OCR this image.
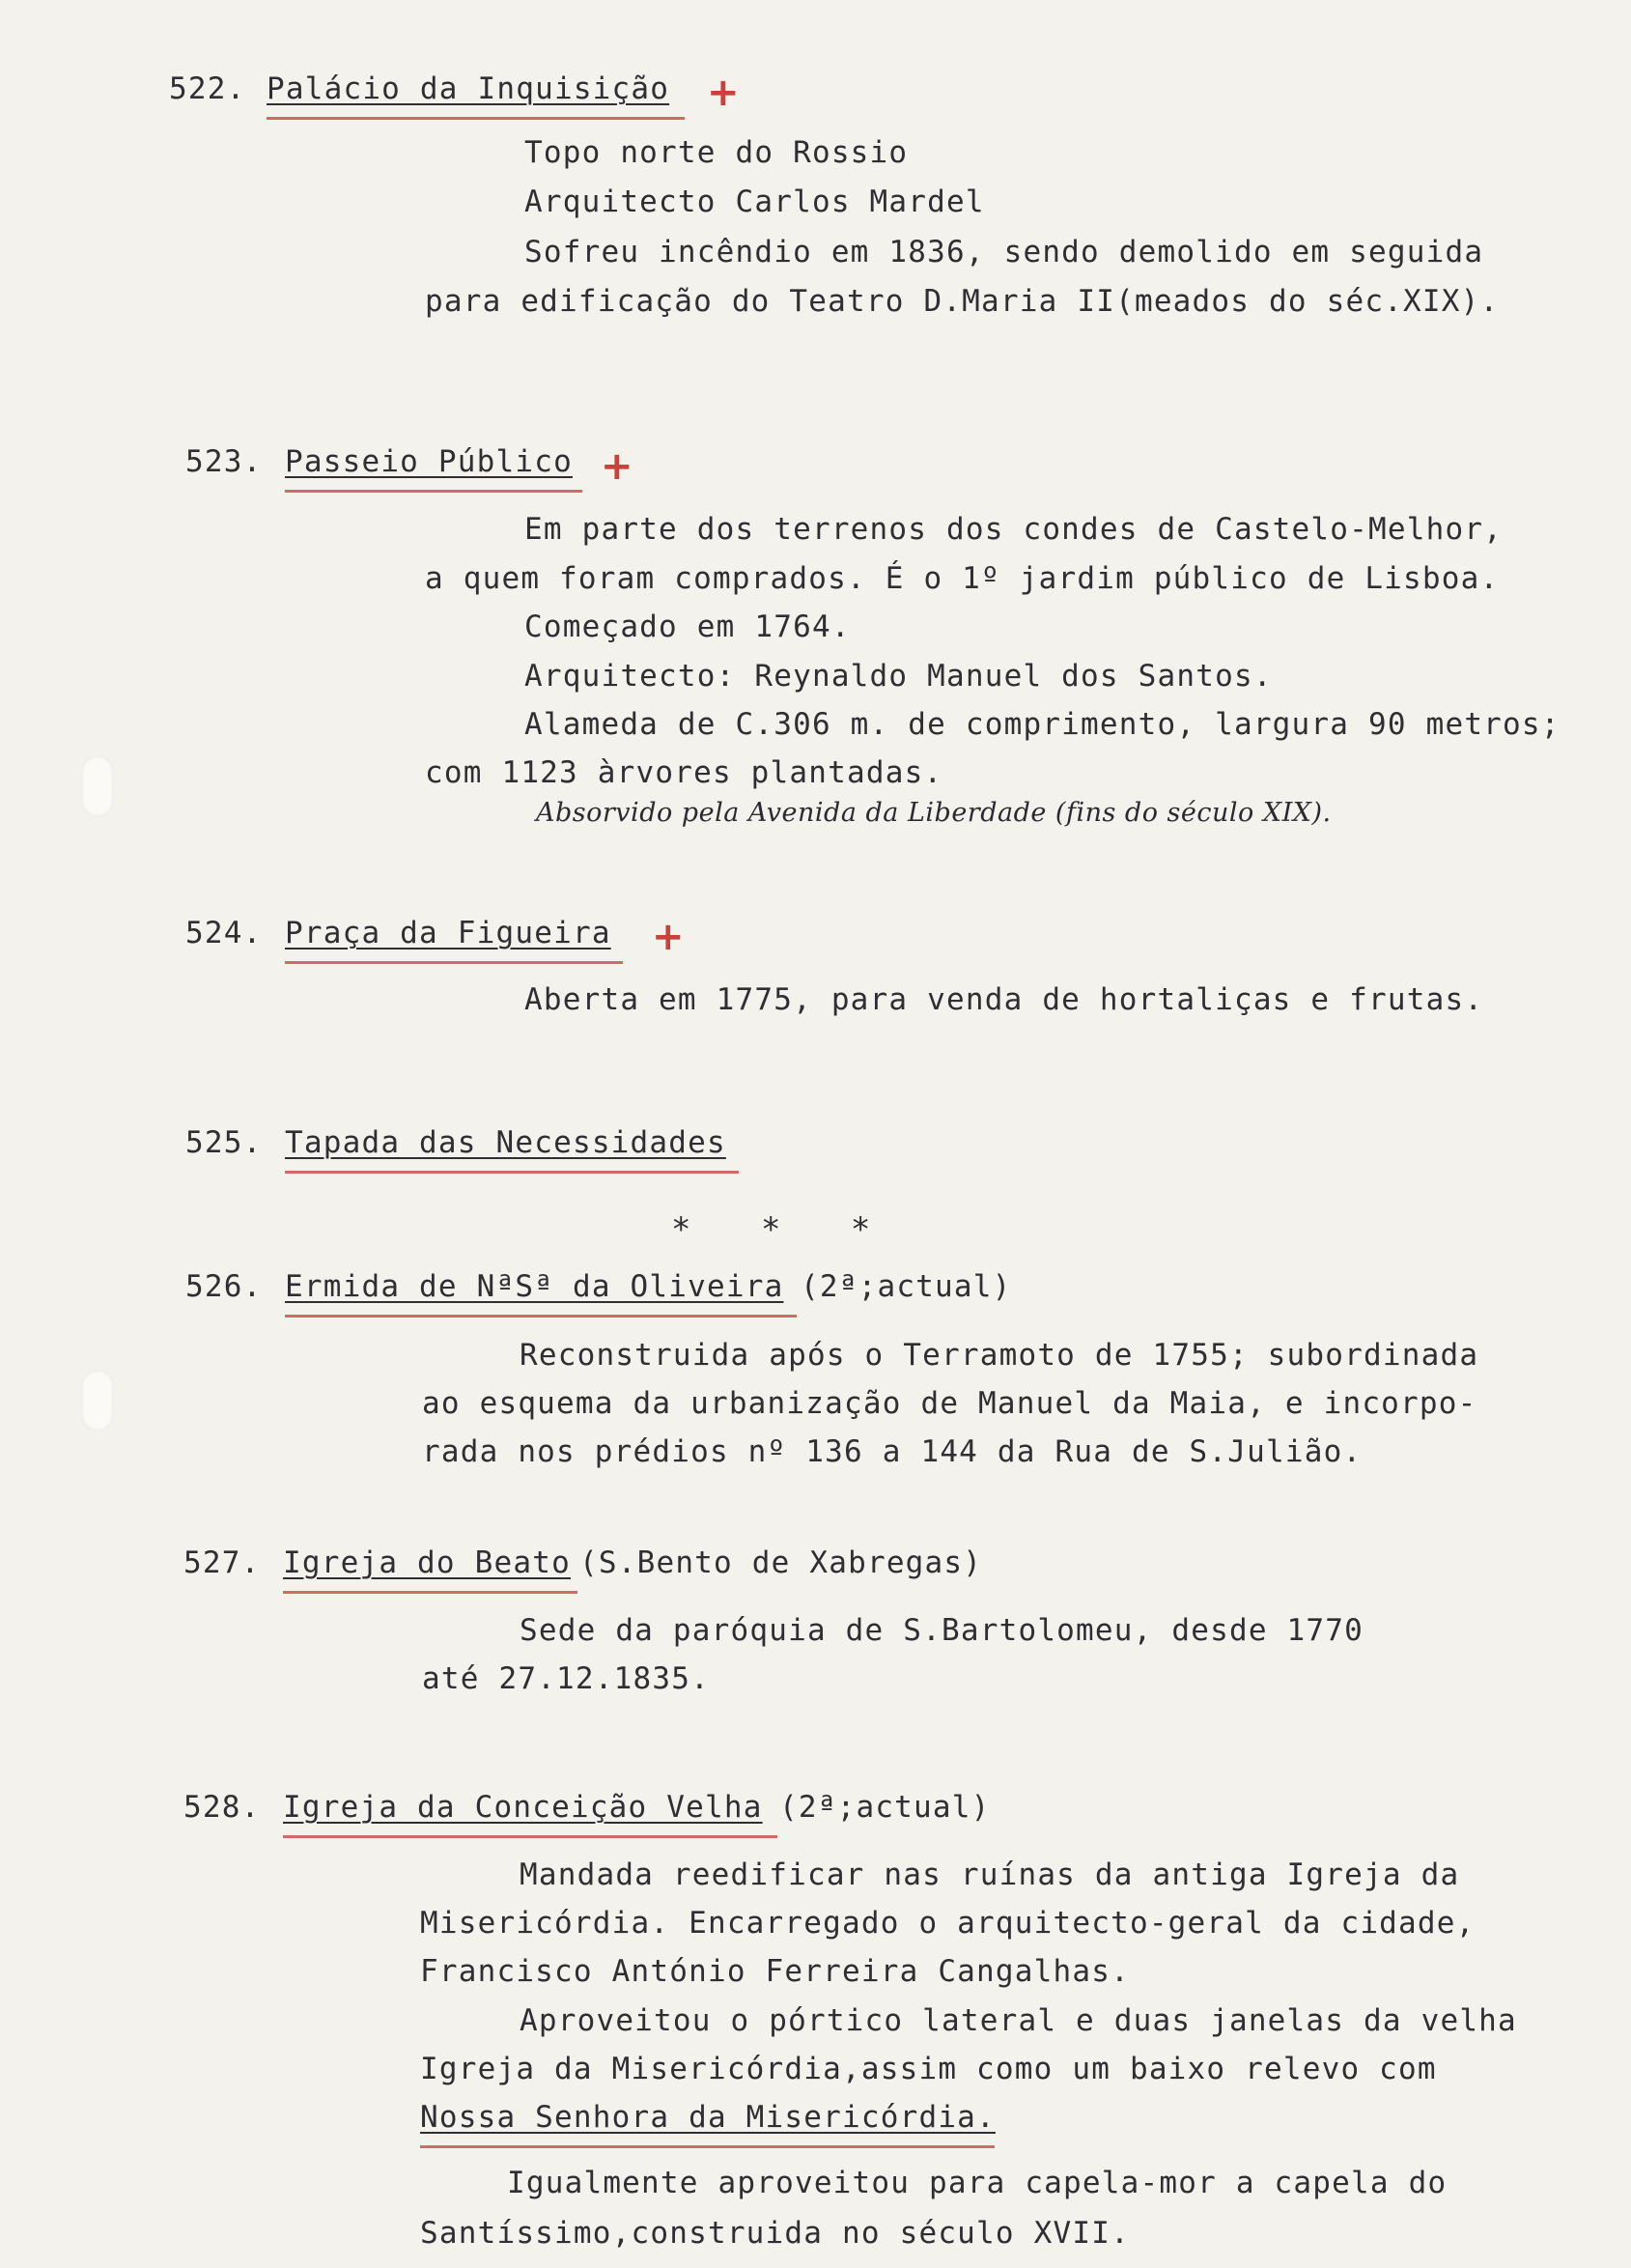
522. Palácio da Inquisição +
Topo norte do Rossio
Arquitecto Carlos Mardel
Sofreu incêndio em 1836, sendo demolido em seguida
para edificação do Teatro D.Maria II(meados do séc.XIX).
523. Passeio Público +
Em parte dos terrenos dos condes de Castelo-Melhor,
a quem foram comprados. É o 1º jardim público de Lisboa.
Começado em 1764.
Arquitecto: Reynaldo Manuel dos Santos.
Alameda de C.306 m. de comprimento, largura 90 metros;
com 1123 àrvores plantadas.
Absorvido pela Avenida da Liberdade (fins do século XIX).
524. Praça da Figueira +
Aberta em 1775, para venda de hortaliças e frutas.
525. Tapada das Necessidades
* * *
526. Ermida de NªSª da Oliveira (2ª;actual)
Reconstruida após o Terramoto de 1755; subordinada
ao esquema da urbanização de Manuel da Maia, e incorpo-
rada nos prédios nº 136 a 144 da Rua de S.Julião.
527. Igreja do Beato (S.Bento de Xabregas)
Sede da paróquia de S.Bartolomeu, desde 1770
até 27.12.1835.
528. Igreja da Conceição Velha (2ª;actual)
Mandada reedificar nas ruínas da antiga Igreja da
Misericórdia. Encarregado o arquitecto-geral da cidade,
Francisco António Ferreira Cangalhas.
Aproveitou o pórtico lateral e duas janelas da velha
Igreja da Misericórdia,assim como um baixo relevo com
Nossa Senhora da Misericórdia.
Igualmente aproveitou para capela-mor a capela do
Santíssimo,construida no século XVII.
